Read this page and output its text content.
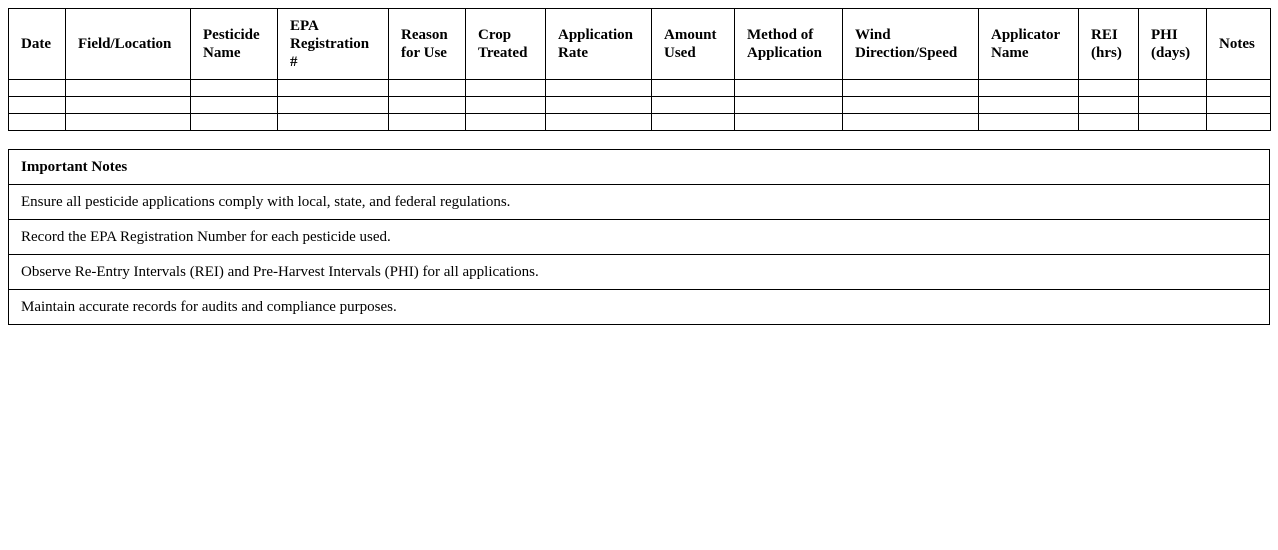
Date	Field/Location	Pesticide Name	EPA Registration #	Reason for Use	Crop Treated	Application Rate	Amount Used	Method of Application	Wind Direction/Speed	Applicator Name	REI (hrs)	PHI (days)	Notes

Important Notes
Ensure all pesticide applications comply with local, state, and federal regulations.
Record the EPA Registration Number for each pesticide used.
Observe Re-Entry Intervals (REI) and Pre-Harvest Intervals (PHI) for all applications.
Maintain accurate records for audits and compliance purposes.
